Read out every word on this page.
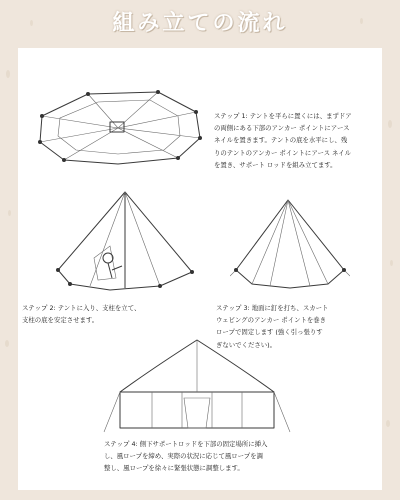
組み立ての流れ
ステップ 1: テントを平らに置くには、まずドア
の両側にある下部のアンカー ポイントにアース
ネイルを置きます。テントの底を水平にし、残
りのテントのアンカー ポイントにアース ネイル
を置き、サポート ロッドを組み立てます。
ステップ 2: テントに入り、支柱を立て、
支柱の底を安定させます。
ステップ 3: 地面に釘を打ち、スカート
ウェビングのアンカー ポイントを巻き
ロープで固定します (強く引っ張りす
ぎないでください)。
ステップ 4: 側下サポートロッドを下部の固定場所に挿入
し、風ロープを締め、実際の状況に応じて風ロープを調
整し、風ロープを徐々に緊張状態に調整します。
